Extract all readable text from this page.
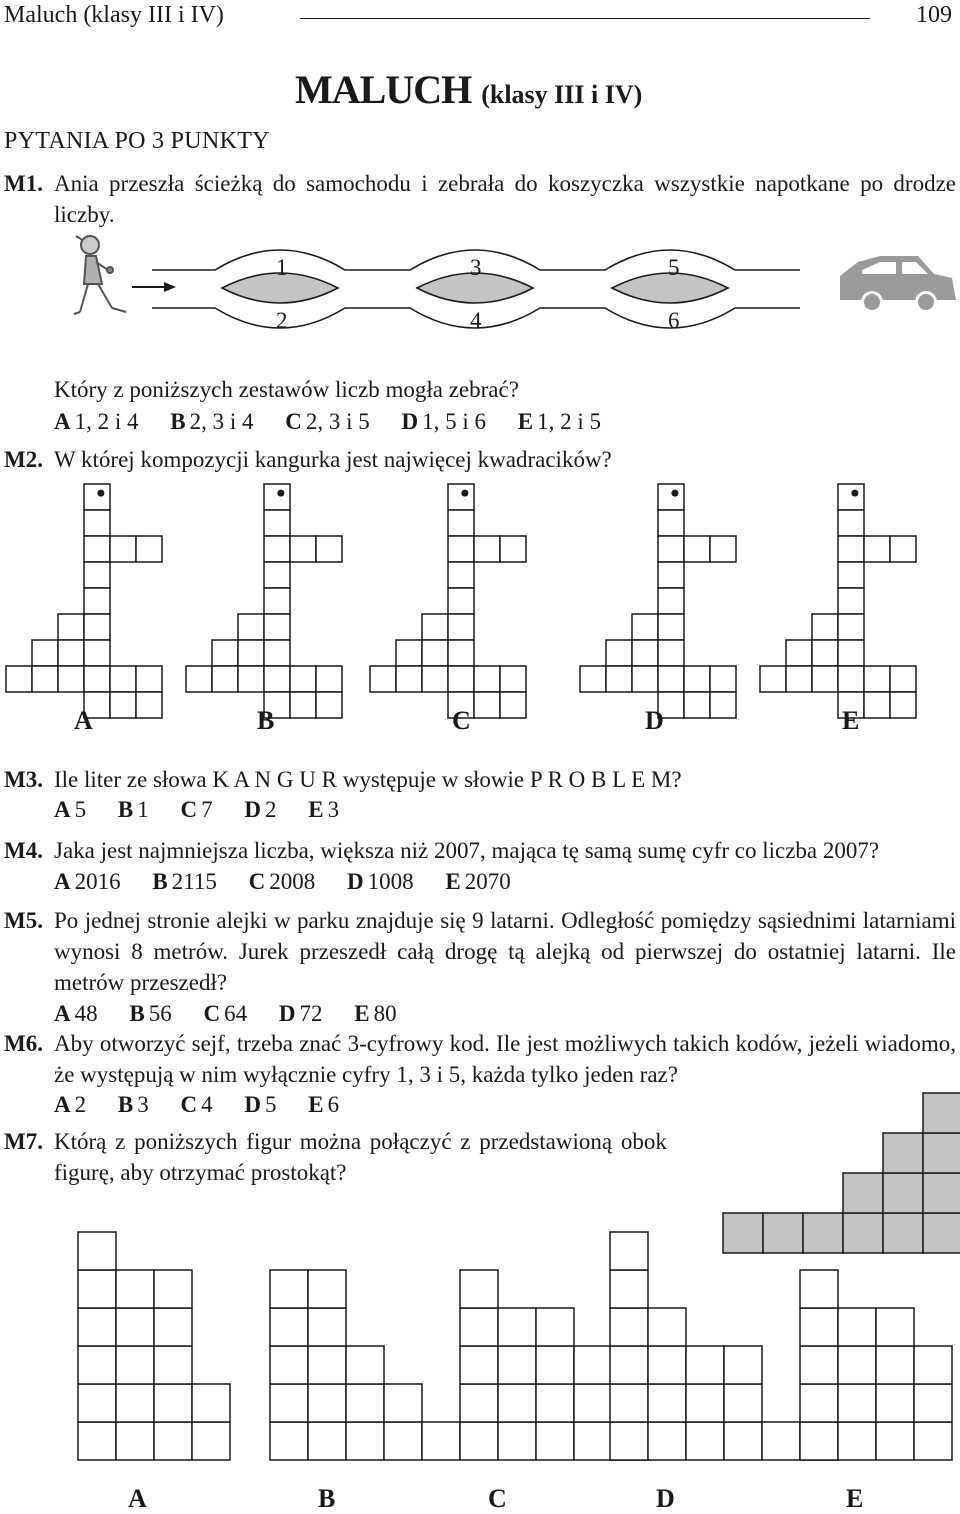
Maluch (klasy III i IV)	109
MALUCH (klasy III i IV)
PYTANIA PO 3 PUNKTY
M1. Ania przeszła ścieżką do samochodu i zebrała do koszyczka wszystkie napotkane po drodze liczby.
1	3	5
2	4	6
Który z poniższych zestawów liczb mogła zebrać?
A 1, 2 i 4 B 2, 3 i 4 C 2, 3 i 5 D 1, 5 i 6 E 1, 2 i 5
M2. W której kompozycji kangurka jest najwięcej kwadracików?
A	B	C	D	E
M3. Ile liter ze słowa K A N G U R występuje w słowie P R O B L E M?
A 5 B 1 C 7 D 2 E 3
M4. Jaka jest najmniejsza liczba, większa niż 2007, mająca tę samą sumę cyfr co liczba 2007?
A 2016 B 2115 C 2008 D 1008 E 2070
M5. Po jednej stronie alejki w parku znajduje się 9 latarni. Odległość pomiędzy sąsiednimi latarniami wynosi 8 metrów. Jurek przeszedł całą drogę tą alejką od pierwszej do ostatniej latarni. Ile metrów przeszedł?
A 48 B 56 C 64 D 72 E 80
M6. Aby otworzyć sejf, trzeba znać 3-cyfrowy kod. Ile jest możliwych takich kodów, jeżeli wiadomo, że występują w nim wyłącznie cyfry 1, 3 i 5, każda tylko jeden raz?
A 2 B 3 C 4 D 5 E 6
M7. Którą z poniższych figur można połączyć z przedstawioną obok
figurę, aby otrzymać prostokąt?
A	B	C	D	E
